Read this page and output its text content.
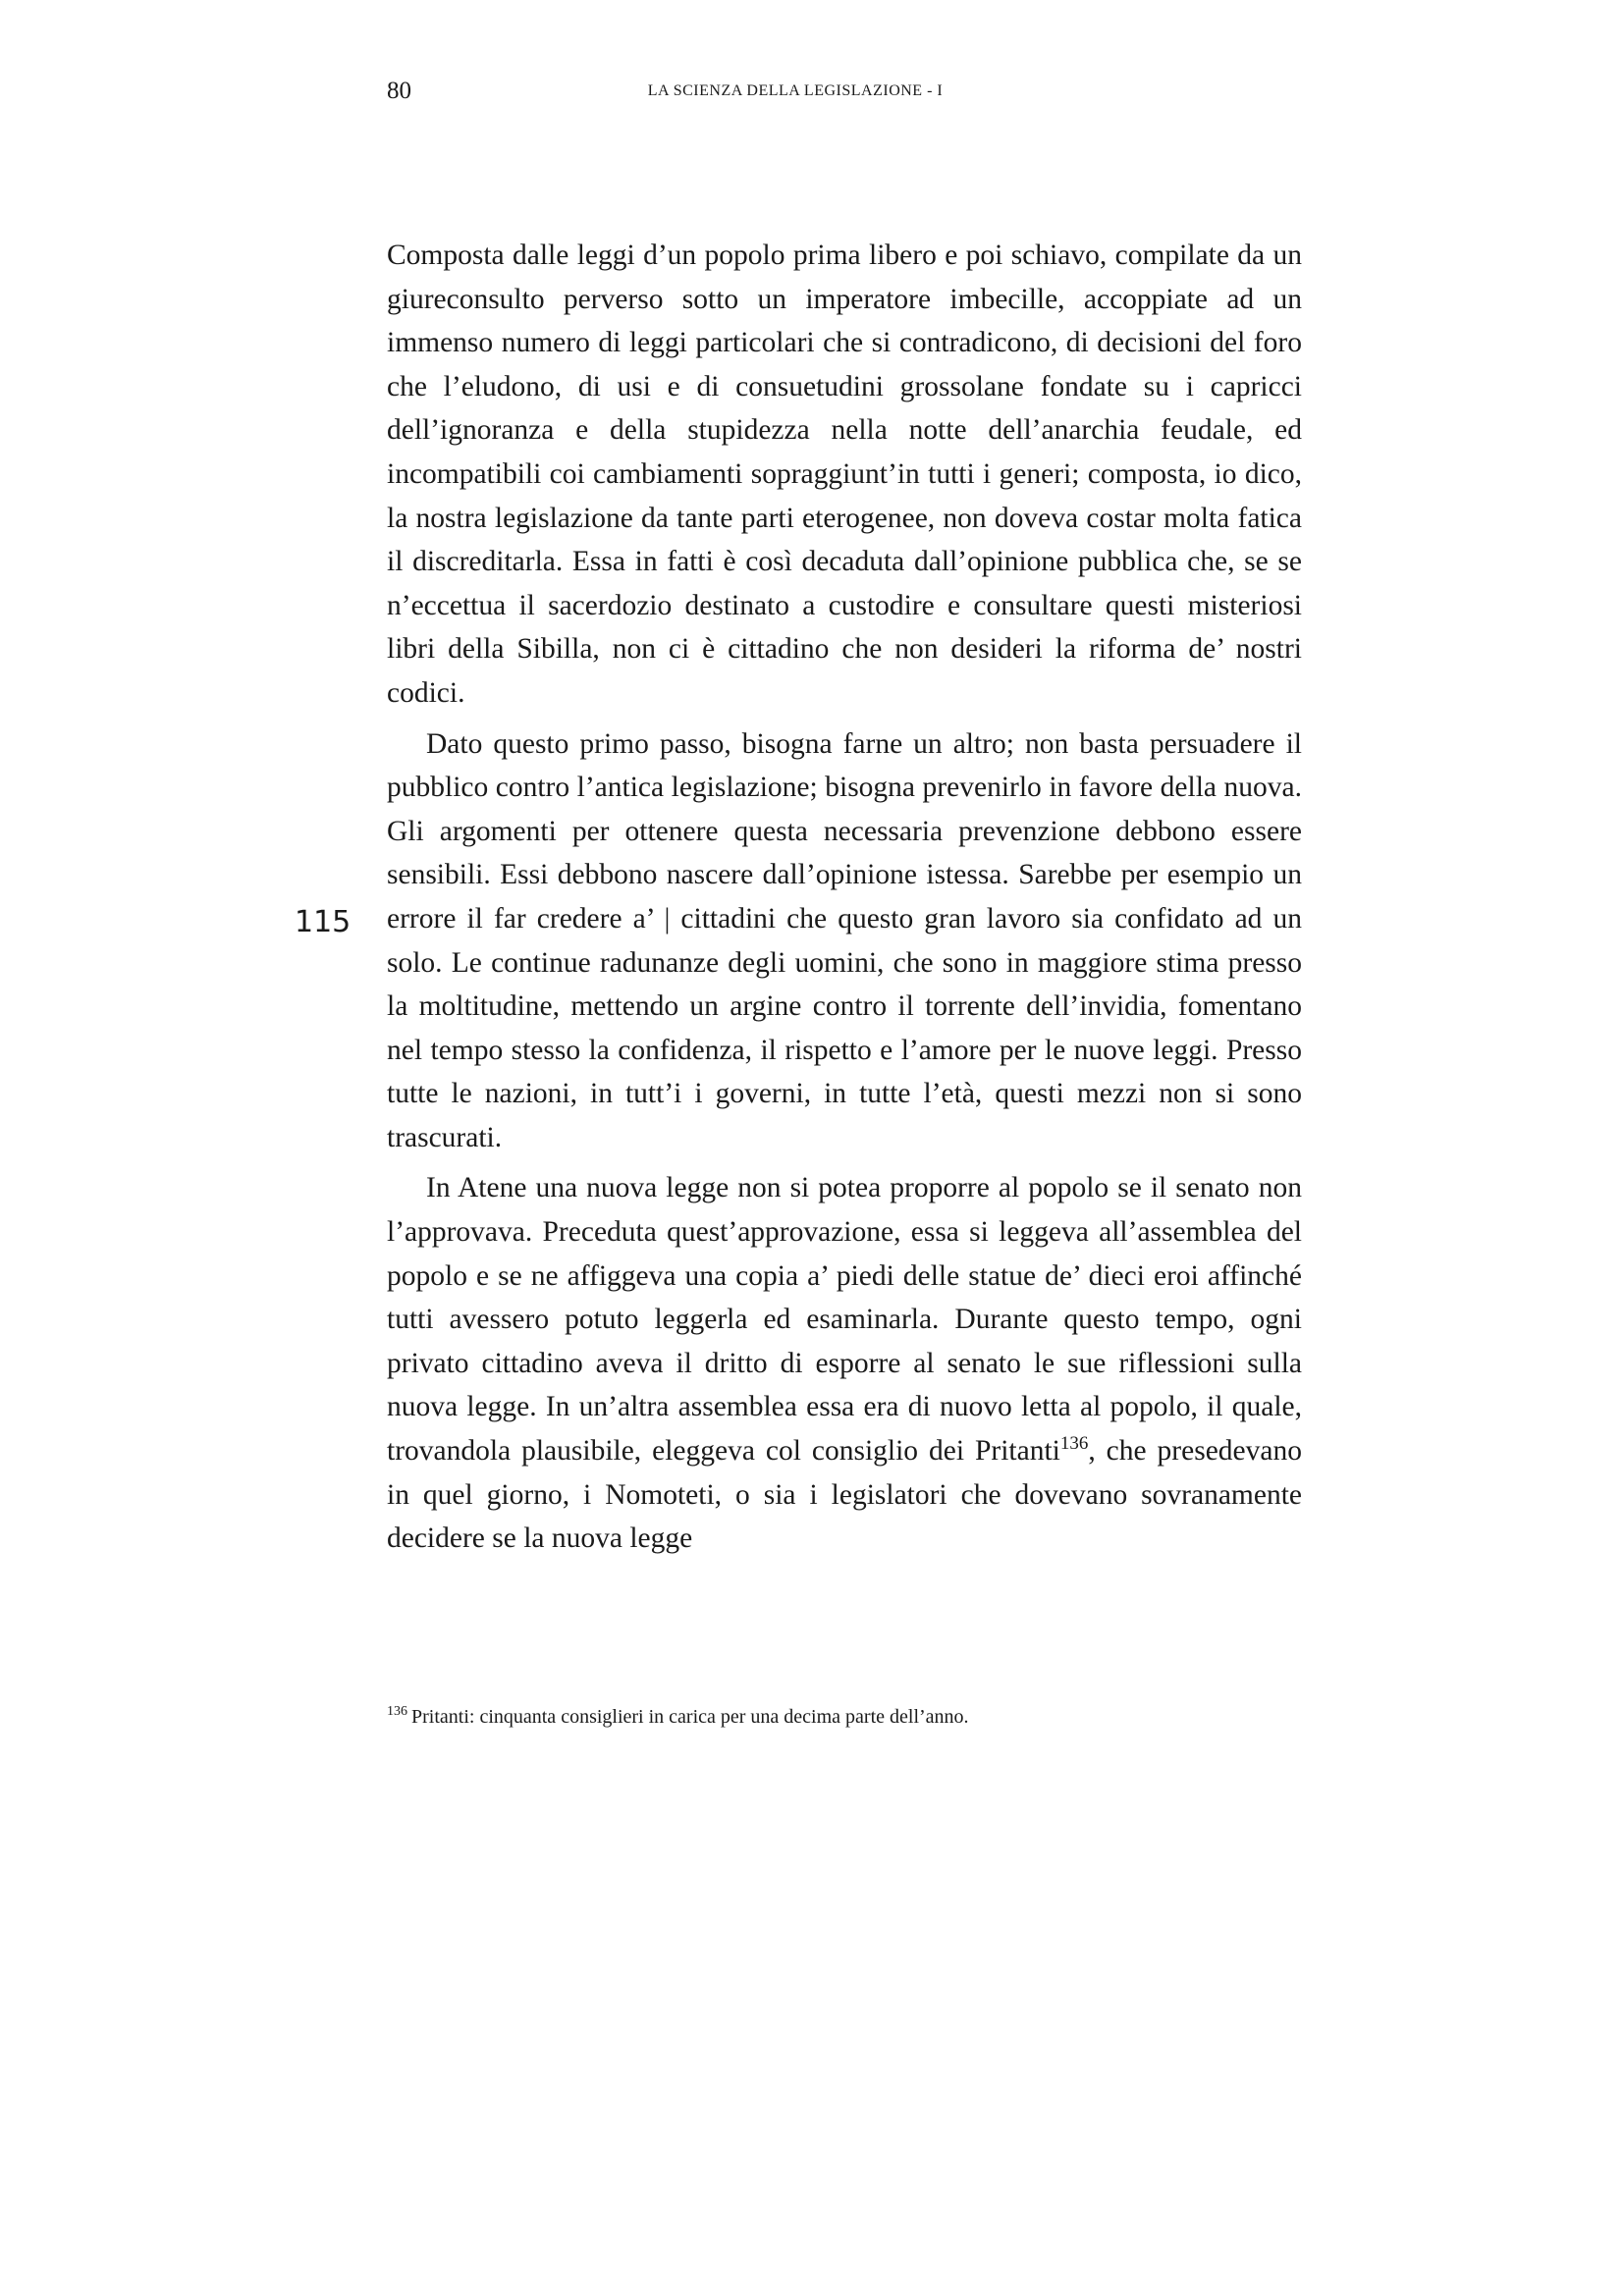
80	LA SCIENZA DELLA LEGISLAZIONE - I
115

Composta dalle leggi d’un popolo prima libero e poi schiavo, compilate da un giureconsulto perverso sotto un imperatore imbecille, accoppiate ad un immenso numero di leggi particolari che si contradicono, di decisioni del foro che l’eludono, di usi e di consuetudini grossolane fondate su i capricci dell’ignoranza e della stupidezza nella notte dell’anarchia feudale, ed incompatibili coi cambiamenti sopraggiunt’in tutti i generi; composta, io dico, la nostra legislazione da tante parti eterogenee, non doveva costar molta fatica il discreditarla. Essa in fatti è così decaduta dall’opinione pubblica che, se se n’eccettua il sacerdozio destinato a custodire e consultare questi misteriosi libri della Sibilla, non ci è cittadino che non desideri la riforma de’ nostri codici.

Dato questo primo passo, bisogna farne un altro; non basta persuadere il pubblico contro l’antica legislazione; bisogna prevenirlo in favore della nuova. Gli argomenti per ottenere questa necessaria prevenzione debbono essere sensibili. Essi debbono nascere dall’opinione istessa. Sarebbe per esempio un errore il far credere a’ | cittadini che questo gran lavoro sia confidato ad un solo. Le continue radunanze degli uomini, che sono in maggiore stima presso la moltitudine, mettendo un argine contro il torrente dell’invidia, fomentano nel tempo stesso la confidenza, il rispetto e l’amore per le nuove leggi. Presso tutte le nazioni, in tutt’i i governi, in tutte l’età, questi mezzi non si sono trascurati.

In Atene una nuova legge non si potea proporre al popolo se il senato non l’approvava. Preceduta quest’approvazione, essa si leggeva all’assemblea del popolo e se ne affiggeva una copia a’ piedi delle statue de’ dieci eroi affinché tutti avessero potuto leggerla ed esaminarla. Durante questo tempo, ogni privato cittadino aveva il dritto di esporre al senato le sue riflessioni sulla nuova legge. In un’altra assemblea essa era di nuovo letta al popolo, il quale, trovandola plausibile, eleggeva col consiglio dei Pritanti$^{136}$, che presedevano in quel giorno, i Nomoteti, o sia i legislatori che dovevano sovranamente decidere se la nuova legge

$^{136}$ Pritanti: cinquanta consiglieri in carica per una decima parte dell’anno.
